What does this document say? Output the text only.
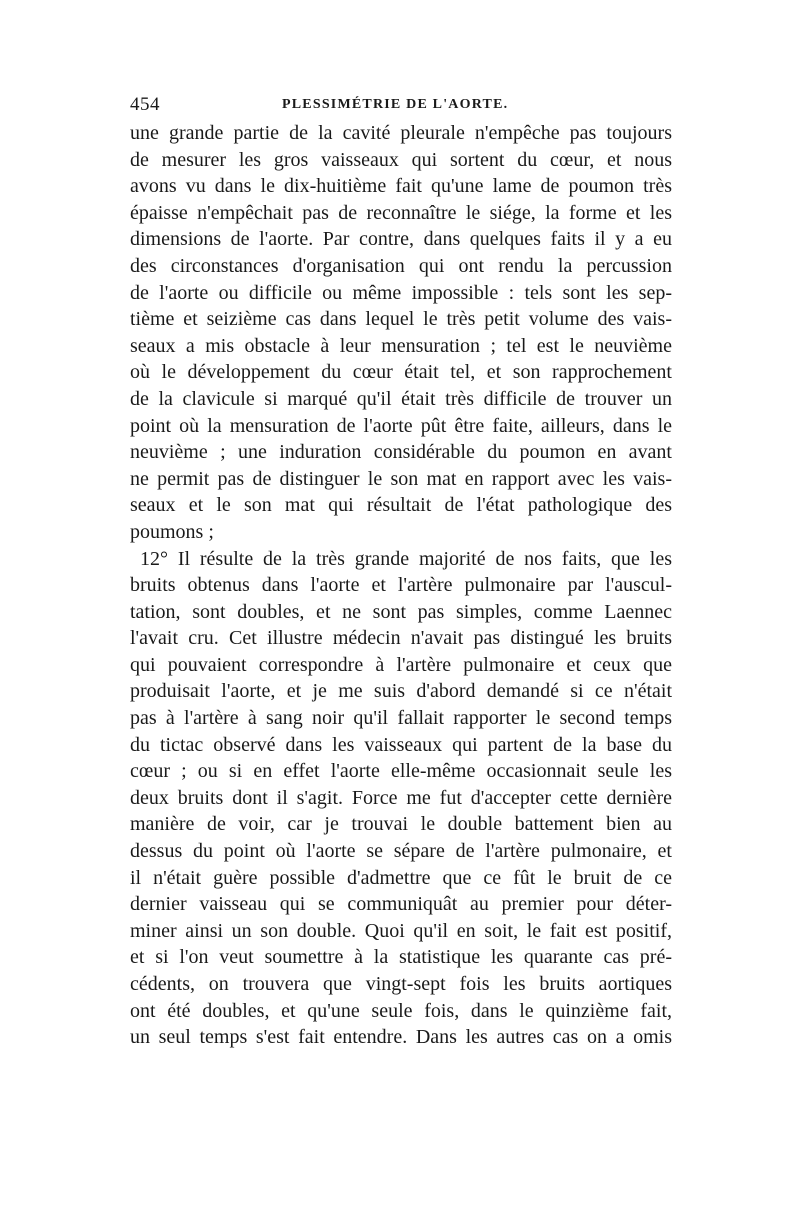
454	PLESSIMÉTRIE DE L'AORTE.
une grande partie de la cavité pleurale n'empêche pas toujours
de mesurer les gros vaisseaux qui sortent du cœur, et nous
avons vu dans le dix-huitième fait qu'une lame de poumon très
épaisse n'empêchait pas de reconnaître le siége, la forme et les
dimensions de l'aorte. Par contre, dans quelques faits il y a eu
des circonstances d'organisation qui ont rendu la percussion
de l'aorte ou difficile ou même impossible : tels sont les sep-
tième et seizième cas dans lequel le très petit volume des vais-
seaux a mis obstacle à leur mensuration ; tel est le neuvième
où le développement du cœur était tel, et son rapprochement
de la clavicule si marqué qu'il était très difficile de trouver un
point où la mensuration de l'aorte pût être faite, ailleurs, dans le
neuvième ; une induration considérable du poumon en avant
ne permit pas de distinguer le son mat en rapport avec les vais-
seaux et le son mat qui résultait de l'état pathologique des
poumons ;
12° Il résulte de la très grande majorité de nos faits, que les
bruits obtenus dans l'aorte et l'artère pulmonaire par l'auscul-
tation, sont doubles, et ne sont pas simples, comme Laennec
l'avait cru. Cet illustre médecin n'avait pas distingué les bruits
qui pouvaient correspondre à l'artère pulmonaire et ceux que
produisait l'aorte, et je me suis d'abord demandé si ce n'était
pas à l'artère à sang noir qu'il fallait rapporter le second temps
du tictac observé dans les vaisseaux qui partent de la base du
cœur ; ou si en effet l'aorte elle-même occasionnait seule les
deux bruits dont il s'agit. Force me fut d'accepter cette dernière
manière de voir, car je trouvai le double battement bien au
dessus du point où l'aorte se sépare de l'artère pulmonaire, et
il n'était guère possible d'admettre que ce fût le bruit de ce
dernier vaisseau qui se communiquât au premier pour déter-
miner ainsi un son double. Quoi qu'il en soit, le fait est positif,
et si l'on veut soumettre à la statistique les quarante cas pré-
cédents, on trouvera que vingt-sept fois les bruits aortiques
ont été doubles, et qu'une seule fois, dans le quinzième fait,
un seul temps s'est fait entendre. Dans les autres cas on a omis
